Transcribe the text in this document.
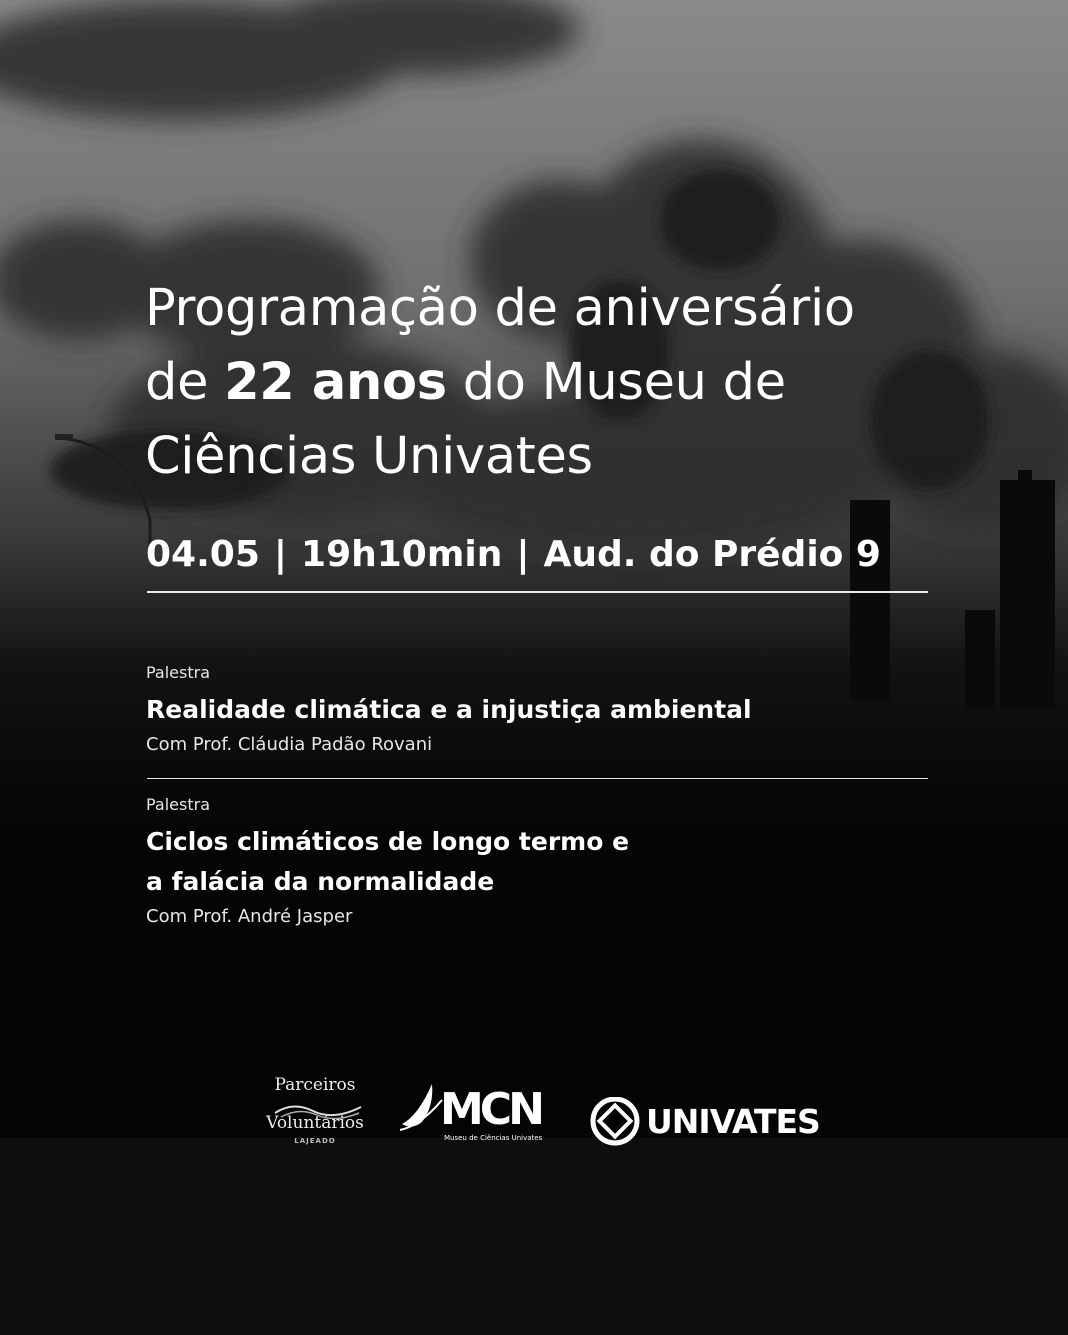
Programação de aniversário
de 22 anos do Museu de
Ciências Univates
04.05 | 19h10min | Aud. do Prédio 9
Palestra
Realidade climática e a injustiça ambiental
Com Prof. Cláudia Padão Rovani
Palestra
Ciclos climáticos de longo termo e
a falácia da normalidade
Com Prof. André Jasper
Parceiros
Voluntários
LAJEADO
MCN
Museu de Ciências Univates	UNIVATES
